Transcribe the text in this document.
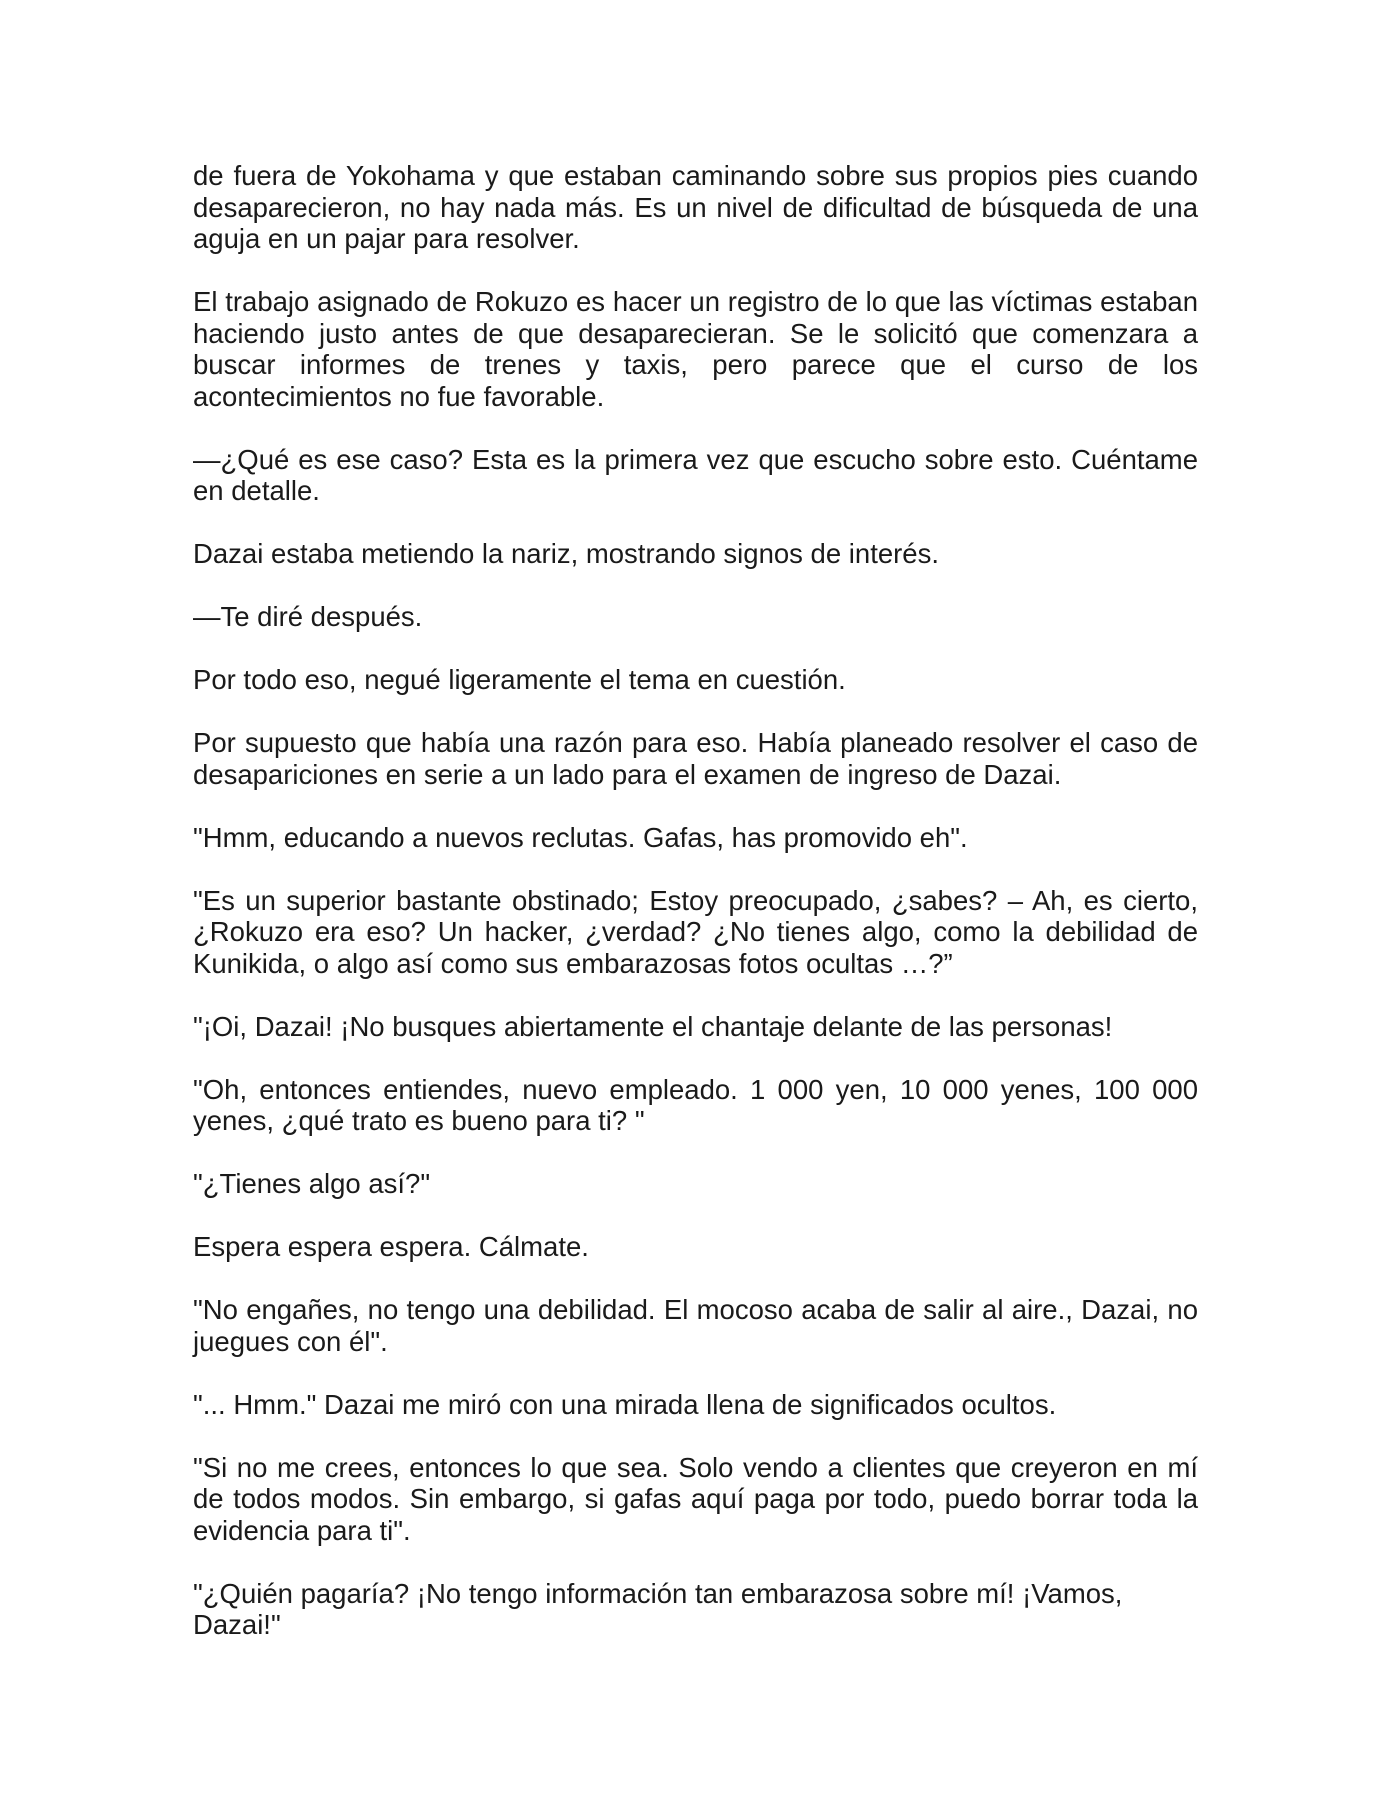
de fuera de Yokohama y que estaban caminando sobre sus propios pies cuando desaparecieron, no hay nada más. Es un nivel de dificultad de búsqueda de una aguja en un pajar para resolver.

El trabajo asignado de Rokuzo es hacer un registro de lo que las víctimas estaban haciendo justo antes de que desaparecieran. Se le solicitó que comenzara a buscar informes de trenes y taxis, pero parece que el curso de los acontecimientos no fue favorable.

—¿Qué es ese caso? Esta es la primera vez que escucho sobre esto. Cuéntame en detalle.

Dazai estaba metiendo la nariz, mostrando signos de interés.

—Te diré después.

Por todo eso, negué ligeramente el tema en cuestión.

Por supuesto que había una razón para eso. Había planeado resolver el caso de desapariciones en serie a un lado para el examen de ingreso de Dazai.

"Hmm, educando a nuevos reclutas. Gafas, has promovido eh".

"Es un superior bastante obstinado; Estoy preocupado, ¿sabes? – Ah, es cierto, ¿Rokuzo era eso? Un hacker, ¿verdad? ¿No tienes algo, como la debilidad de Kunikida, o algo así como sus embarazosas fotos ocultas …?”

"¡Oi, Dazai! ¡No busques abiertamente el chantaje delante de las personas!

"Oh, entonces entiendes, nuevo empleado. 1 000 yen, 10 000 yenes, 100 000 yenes, ¿qué trato es bueno para ti? "

"¿Tienes algo así?"

Espera espera espera. Cálmate.

"No engañes, no tengo una debilidad. El mocoso acaba de salir al aire., Dazai, no juegues con él".

"... Hmm." Dazai me miró con una mirada llena de significados ocultos.

"Si no me crees, entonces lo que sea. Solo vendo a clientes que creyeron en mí de todos modos. Sin embargo, si gafas aquí paga por todo, puedo borrar toda la evidencia para ti".

"¿Quién pagaría? ¡No tengo información tan embarazosa sobre mí! ¡Vamos, Dazai!"
